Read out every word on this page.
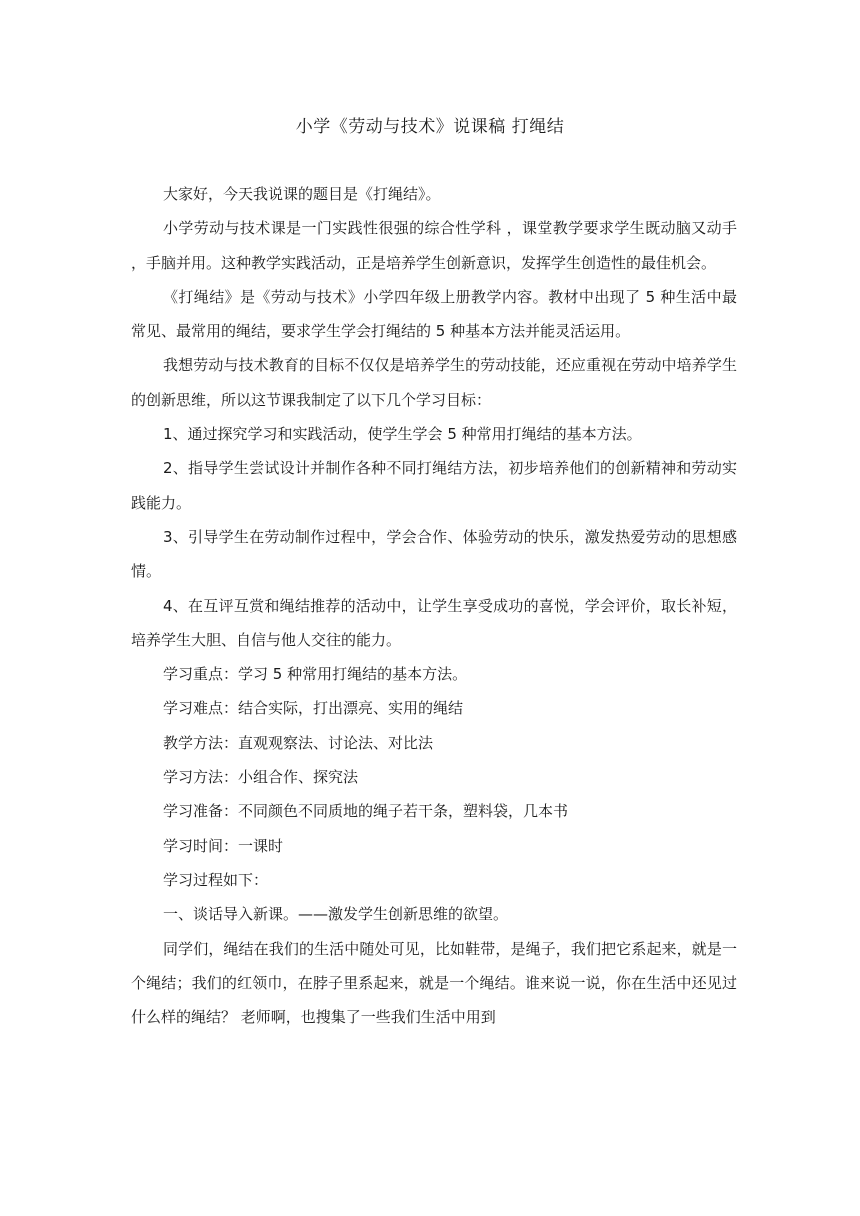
小学《劳动与技术》说课稿 打绳结

大家好，今天我说课的题目是《打绳结》。

小学劳动与技术课是一门实践性很强的综合性学科 ，课堂教学要求学生既动脑又动手 ，手脑并用。这种教学实践活动，正是培养学生创新意识，发挥学生创造性的最佳机会。

《打绳结》是《劳动与技术》小学四年级上册教学内容。教材中出现了 5 种生活中最常见、最常用的绳结，要求学生学会打绳结的 5 种基本方法并能灵活运用。

我想劳动与技术教育的目标不仅仅是培养学生的劳动技能，还应重视在劳动中培养学生的创新思维，所以这节课我制定了以下几个学习目标：

1、通过探究学习和实践活动，使学生学会 5 种常用打绳结的基本方法。

2、指导学生尝试设计并制作各种不同打绳结方法，初步培养他们的创新精神和劳动实践能力。

3、引导学生在劳动制作过程中，学会合作、体验劳动的快乐，激发热爱劳动的思想感情。

4、在互评互赏和绳结推荐的活动中，让学生享受成功的喜悦，学会评价，取长补短，培养学生大胆、自信与他人交往的能力。

学习重点：学习 5 种常用打绳结的基本方法。

学习难点：结合实际，打出漂亮、实用的绳结

教学方法：直观观察法、讨论法、对比法

学习方法：小组合作、探究法

学习准备：不同颜色不同质地的绳子若干条，塑料袋，几本书

学习时间：一课时

学习过程如下：

一、谈话导入新课。——激发学生创新思维的欲望。

同学们，绳结在我们的生活中随处可见，比如鞋带，是绳子，我们把它系起来，就是一个绳结；我们的红领巾，在脖子里系起来，就是一个绳结。谁来说一说，你在生活中还见过什么样的绳结？ 老师啊，也搜集了一些我们生活中用到
